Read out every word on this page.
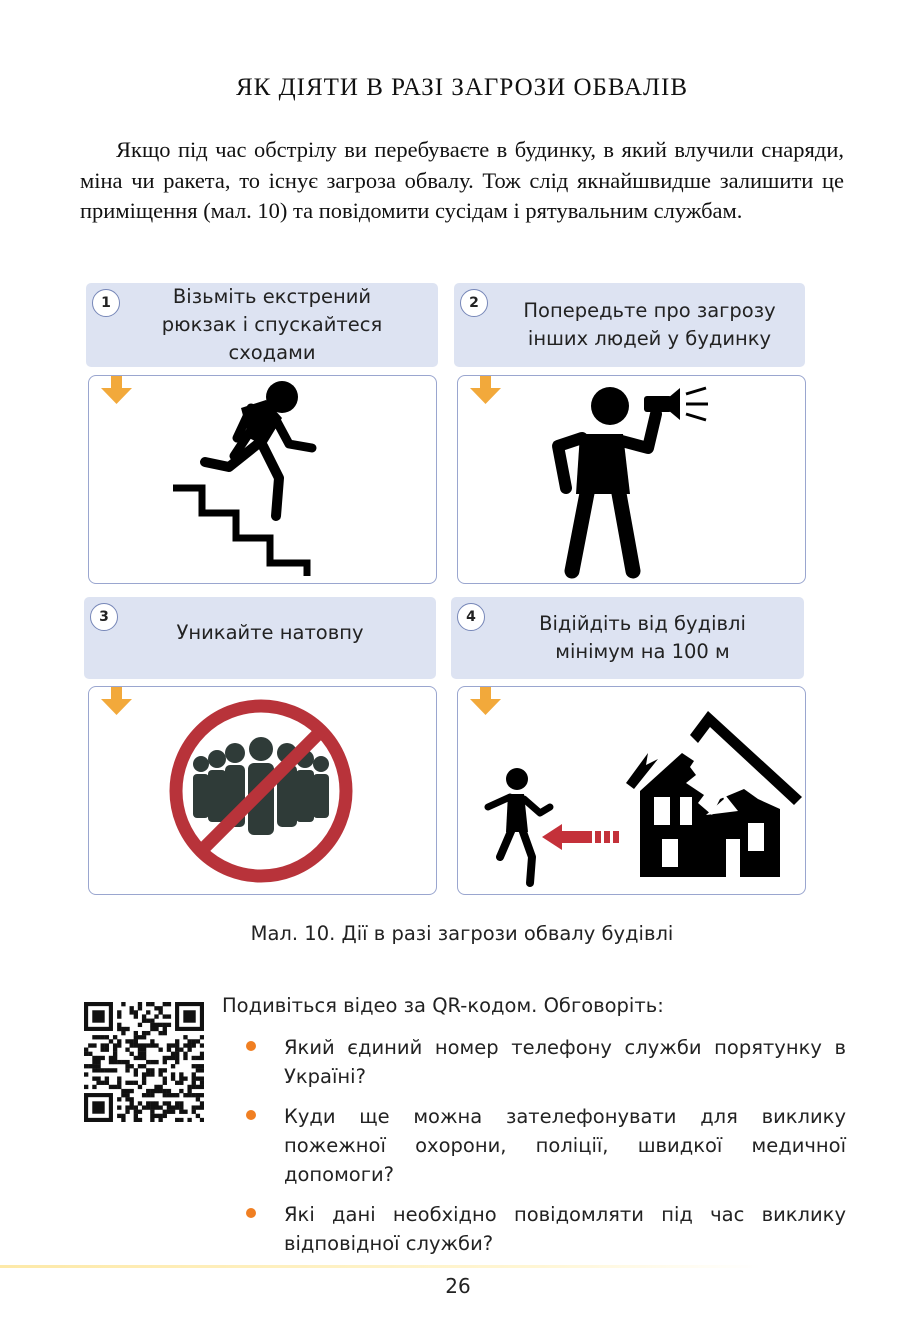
ЯК ДІЯТИ В РАЗІ ЗАГРОЗИ ОБВАЛІВ

Якщо під час обстрілу ви перебуваєте в будинку, в який влучили снаряди, міна чи ракета, то існує загроза обвалу. Тож слід якнайшвидше залишити це приміщення (мал. 10) та повідомити сусідам і рятувальним службам.

1	Візьміть екстрений рюкзак і спускайтеся сходами
2	Попередьте про загрозу інших людей у будинку
3
Уникайте натовпу
4	Відійдіть від будівлі мінімум на 100 м
Мал. 10. Дії в разі загрози обвалу будівлі
Подивіться відео за QR-кодом. Обговоріть:
Який єдиний номер телефону служби порятунку в Україні?
Куди ще можна зателефонувати для виклику пожежної охорони, поліції, швидкої медичної допомоги?
Які дані необхідно повідомляти під час виклику відповідної служби?
26
